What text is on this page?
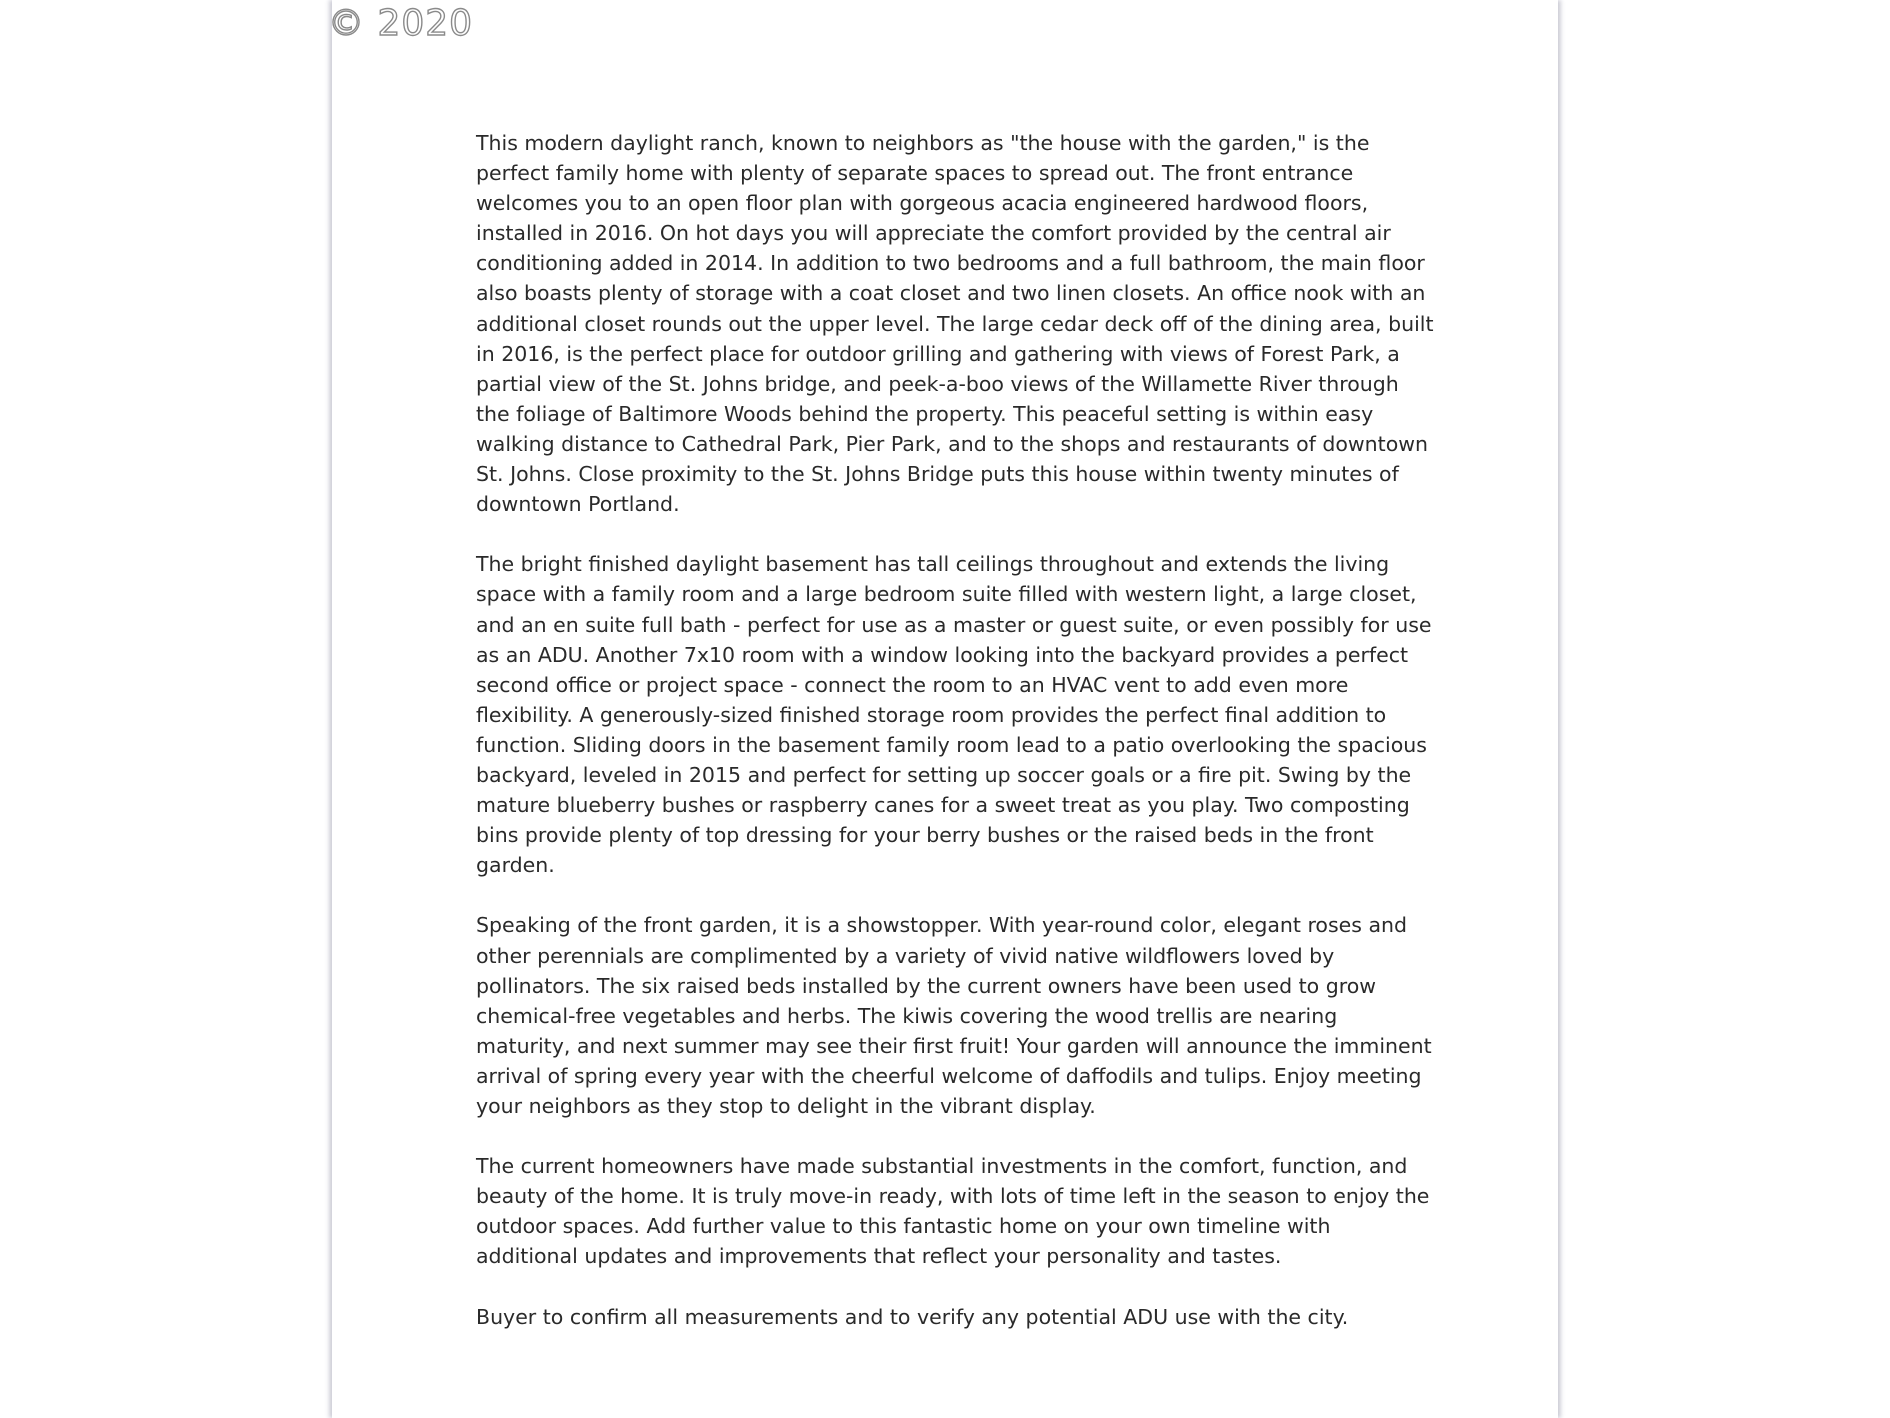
© 2020

This modern daylight ranch, known to neighbors as "the house with the garden," is the perfect family home with plenty of separate spaces to spread out. The front entrance welcomes you to an open floor plan with gorgeous acacia engineered hardwood floors, installed in 2016. On hot days you will appreciate the comfort provided by the central air conditioning added in 2014. In addition to two bedrooms and a full bathroom, the main floor also boasts plenty of storage with a coat closet and two linen closets. An office nook with an additional closet rounds out the upper level. The large cedar deck off of the dining area, built in 2016, is the perfect place for outdoor grilling and gathering with views of Forest Park, a partial view of the St. Johns bridge, and peek-a-boo views of the Willamette River through the foliage of Baltimore Woods behind the property. This peaceful setting is within easy walking distance to Cathedral Park, Pier Park, and to the shops and restaurants of downtown St. Johns. Close proximity to the St. Johns Bridge puts this house within twenty minutes of downtown Portland.

The bright finished daylight basement has tall ceilings throughout and extends the living space with a family room and a large bedroom suite filled with western light, a large closet, and an en suite full bath - perfect for use as a master or guest suite, or even possibly for use as an ADU. Another 7x10 room with a window looking into the backyard provides a perfect second office or project space - connect the room to an HVAC vent to add even more flexibility. A generously-sized finished storage room provides the perfect final addition to function. Sliding doors in the basement family room lead to a patio overlooking the spacious backyard, leveled in 2015 and perfect for setting up soccer goals or a fire pit. Swing by the mature blueberry bushes or raspberry canes for a sweet treat as you play. Two composting bins provide plenty of top dressing for your berry bushes or the raised beds in the front garden.

Speaking of the front garden, it is a showstopper. With year-round color, elegant roses and other perennials are complimented by a variety of vivid native wildflowers loved by pollinators. The six raised beds installed by the current owners have been used to grow chemical-free vegetables and herbs. The kiwis covering the wood trellis are nearing maturity, and next summer may see their first fruit! Your garden will announce the imminent arrival of spring every year with the cheerful welcome of daffodils and tulips. Enjoy meeting your neighbors as they stop to delight in the vibrant display.

The current homeowners have made substantial investments in the comfort, function, and beauty of the home. It is truly move-in ready, with lots of time left in the season to enjoy the outdoor spaces. Add further value to this fantastic home on your own timeline with additional updates and improvements that reflect your personality and tastes.

Buyer to confirm all measurements and to verify any potential ADU use with the city.
